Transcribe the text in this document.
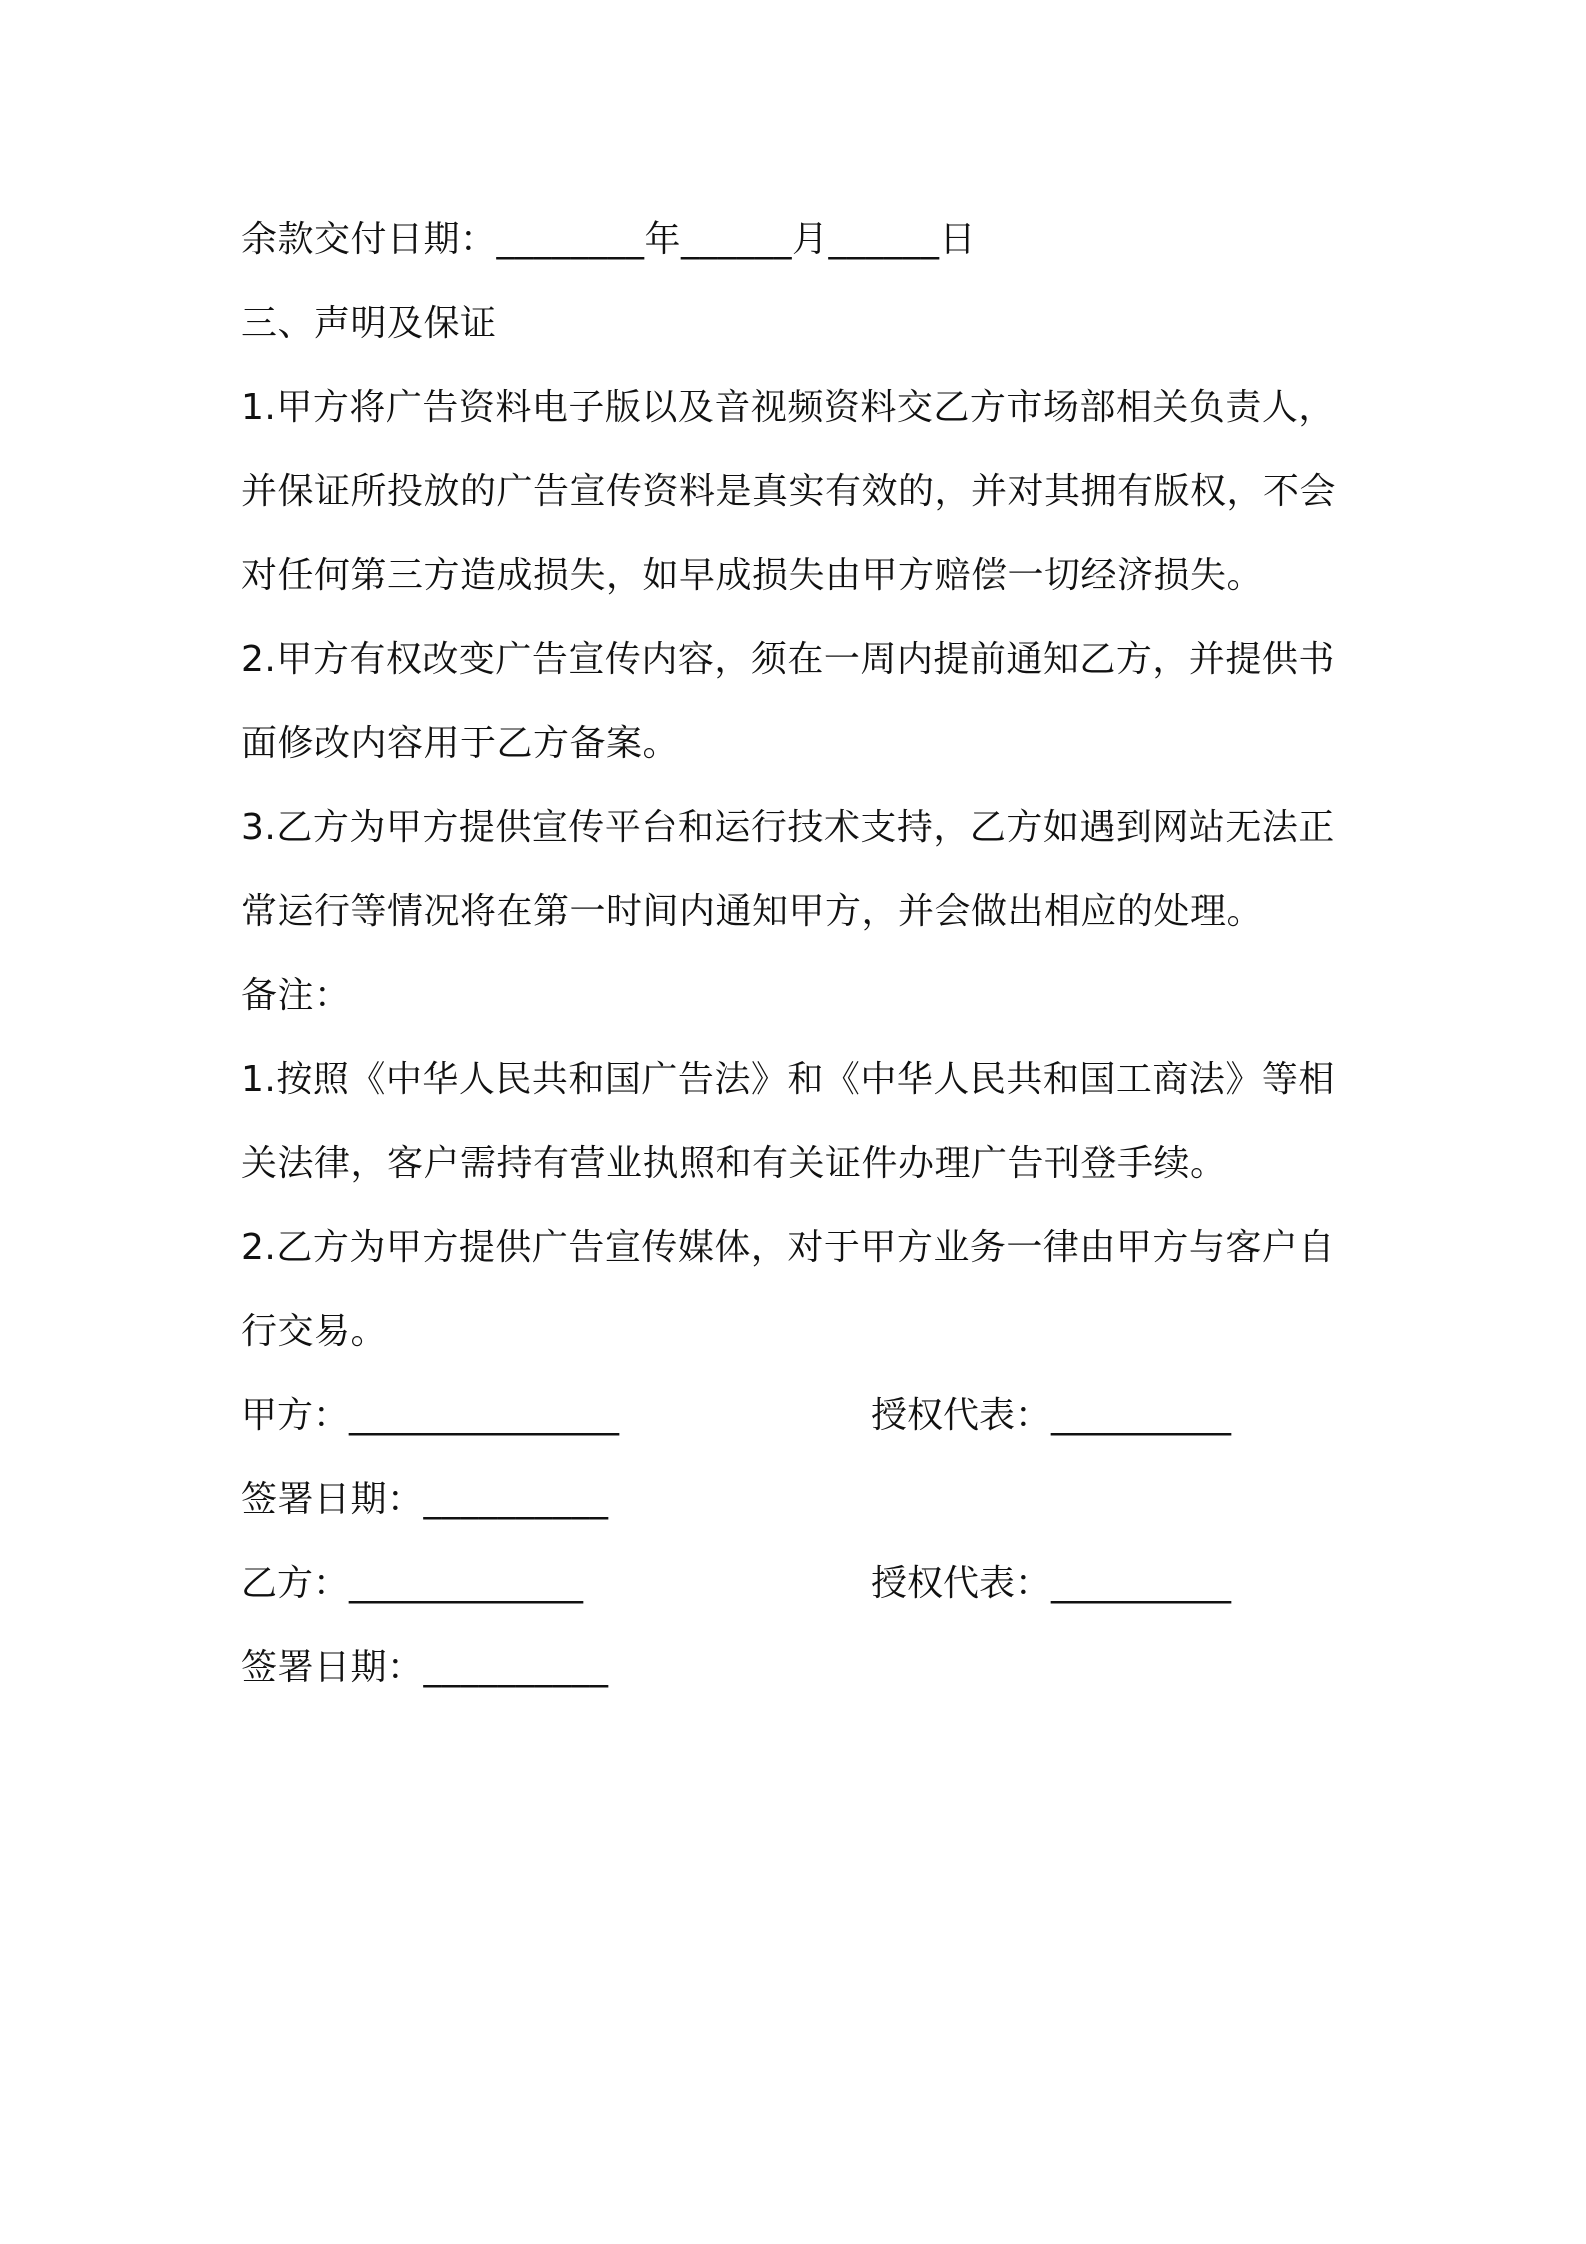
余款交付日期：________年______月______日
三、声明及保证
1.甲方将广告资料电子版以及音视频资料交乙方市场部相关负责人，
并保证所投放的广告宣传资料是真实有效的，并对其拥有版权，不会
对任何第三方造成损失，如早成损失由甲方赔偿一切经济损失。
2.甲方有权改变广告宣传内容，须在一周内提前通知乙方，并提供书
面修改内容用于乙方备案。
3.乙方为甲方提供宣传平台和运行技术支持，乙方如遇到网站无法正
常运行等情况将在第一时间内通知甲方，并会做出相应的处理。
备注：
1.按照《中华人民共和国广告法》和《中华人民共和国工商法》等相
关法律，客户需持有营业执照和有关证件办理广告刊登手续。
2.乙方为甲方提供广告宣传媒体，对于甲方业务一律由甲方与客户自
行交易。
甲方：_______________	授权代表：__________
签署日期：__________
乙方：_____________	授权代表：__________
签署日期：__________
